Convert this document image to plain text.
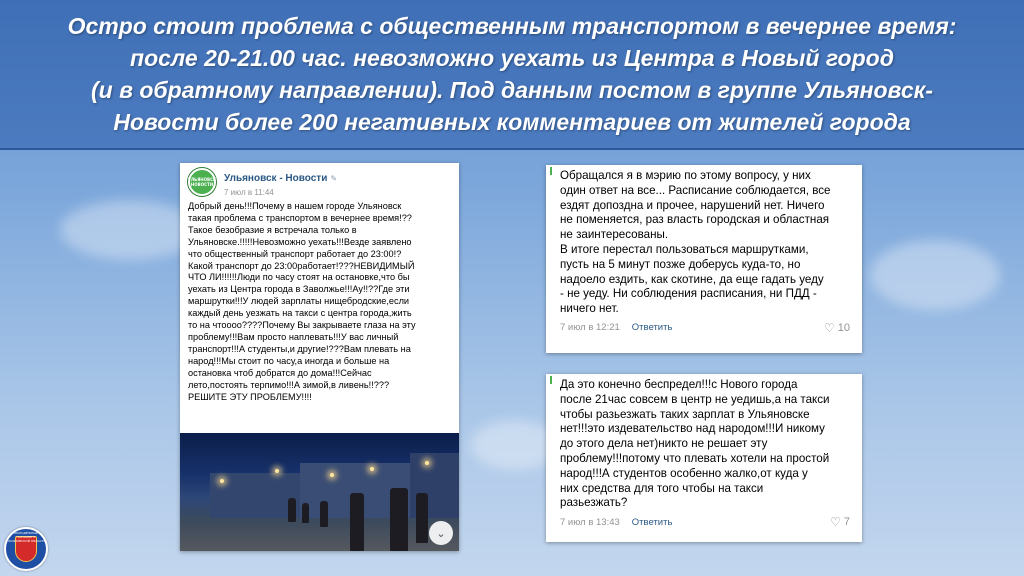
Остро стоит проблема с общественным транспортом в вечернее время:
после 20-21.00 час. невозможно уехать из Центра в Новый город
(и в обратному направлении). Под данным постом в группе Ульяновск-
Новости более 200 негативных комментариев от жителей города
УЛЬЯНОВСК
НОВОСТИ
Ульяновск - Новости ✎
7 июл в 11:44
Добрый день!!!Почему в нашем городе Ульяновск
такая проблема с транспортом в вечернее время!??
Такое безобразие я встречала только в
Ульяновске.!!!!!Невозможно уехать!!!Везде заявлено
что общественный транспорт работает до 23:00!?
Какой транспорт до 23:00работает!???НЕВИДИМЫЙ
ЧТО ЛИ!!!!!!Люди по часу стоят на остановке,что бы
уехать из Центра города в Заволжье!!!Ау!!??Где эти
маршрутки!!!У людей зарплаты нищебродские,если
каждый день уезжать на такси с центра города,жить
то на чтоооо????Почему Вы закрываете глаза на эту
проблему!!!Вам просто наплевать!!!У вас личный
транспорт!!!А студенты,и другие!???Вам плевать на
народ!!!Мы стоит по часу,а иногда и больше на
остановка чтоб добратся до дома!!!Сейчас
лето,постоять терпимо!!!А зимой,в ливень!!???
РЕШИТЕ ЭТУ ПРОБЛЕМУ!!!!
⌄
Обращался я в мэрию по этому вопросу, у них
один ответ на все... Расписание соблюдается, все
ездят допоздна и прочее, нарушений нет. Ничего
не поменяется, раз власть городская и областная
не заинтересованы.
В итоге перестал пользоваться маршрутками,
пусть на 5 минут позже доберусь куда-то, но
надоело ездить, как скотине, да еще гадать уеду
- не уеду. Ни соблюдения расписания, ни ПДД -
ничего нет.
7 июл в 12:21 Ответить	♡ 10
Да это конечно беспредел!!!с Нового города
после 21час совсем в центр не уедишь,а на такси
чтобы разьезжать таких зарплат в Ульяновске
нет!!!это издевательство над народом!!!И никому
до этого дела нет)никто не решает эту
проблему!!!потому что плевать хотели на простой
народ!!!А студентов особенно жалко,от куда у
них средства для того чтобы на такси
разьезжать?
7 июл в 13:43 Ответить	♡ 7
МОЛОДЁЖНЫЙ ПАРЛАМЕНТ УЛЬЯНОВСКОЙ ОБЛАСТИ
